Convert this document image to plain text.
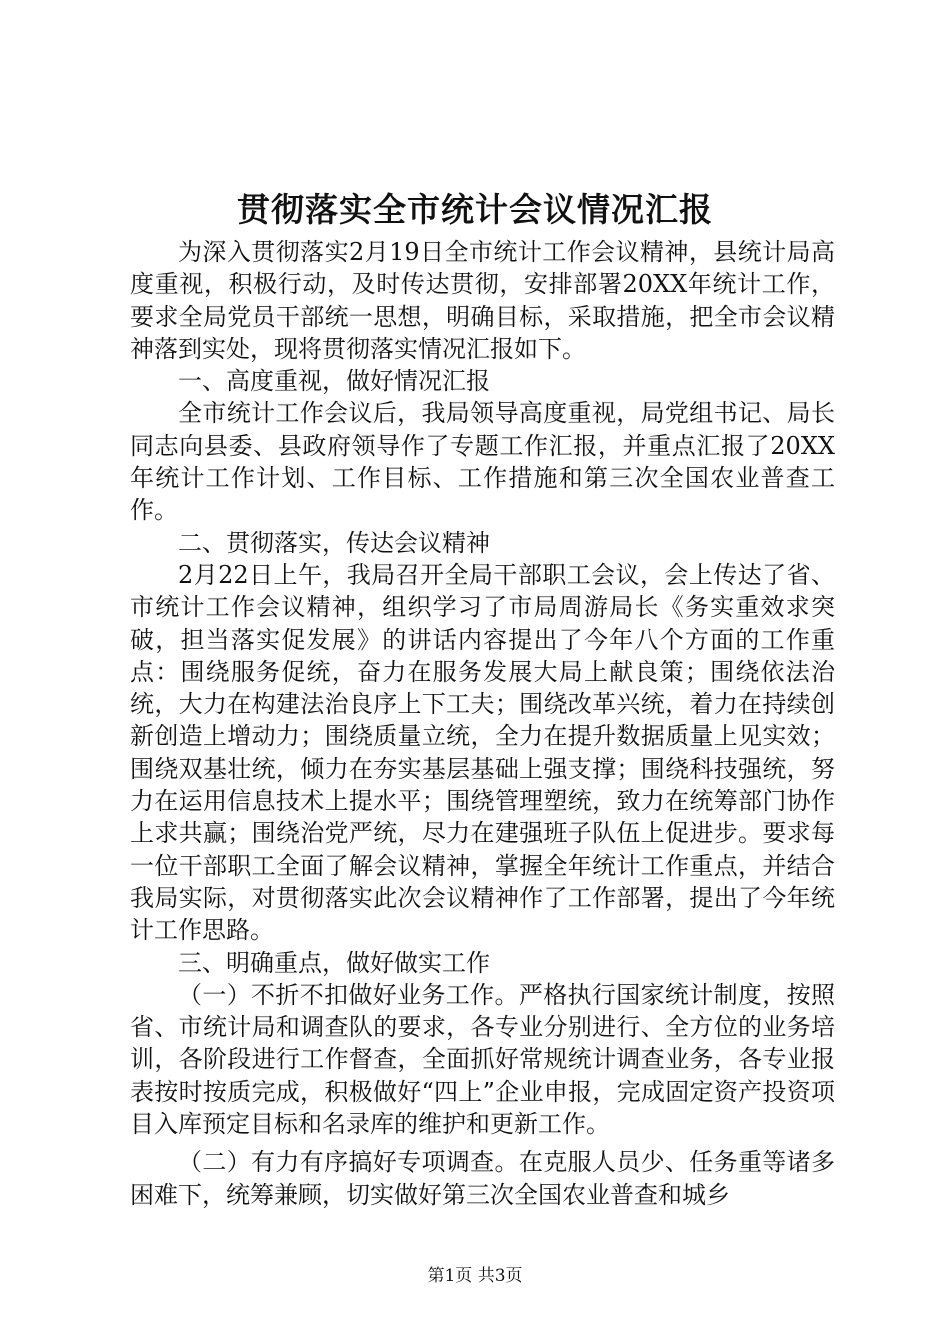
贯彻落实全市统计会议情况汇报

为深入贯彻落实2月19日全市统计工作会议精神，县统计局高度重视，积极行动，及时传达贯彻，安排部署20XX年统计工作，要求全局党员干部统一思想，明确目标，采取措施，把全市会议精神落到实处，现将贯彻落实情况汇报如下。

一、高度重视，做好情况汇报

全市统计工作会议后，我局领导高度重视，局党组书记、局长同志向县委、县政府领导作了专题工作汇报，并重点汇报了20XX年统计工作计划、工作目标、工作措施和第三次全国农业普查工作。

二、贯彻落实，传达会议精神

2月22日上午，我局召开全局干部职工会议，会上传达了省、市统计工作会议精神，组织学习了市局周游局长《务实重效求突破，担当落实促发展》的讲话内容提出了今年八个方面的工作重点：围绕服务促统，奋力在服务发展大局上献良策；围绕依法治统，大力在构建法治良序上下工夫；围绕改革兴统，着力在持续创新创造上增动力；围绕质量立统，全力在提升数据质量上见实效；围绕双基壮统，倾力在夯实基层基础上强支撑；围绕科技强统，努力在运用信息技术上提水平；围绕管理塑统，致力在统筹部门协作上求共赢；围绕治党严统，尽力在建强班子队伍上促进步。要求每一位干部职工全面了解会议精神，掌握全年统计工作重点，并结合我局实际，对贯彻落实此次会议精神作了工作部署，提出了今年统计工作思路。

三、明确重点，做好做实工作

（一）不折不扣做好业务工作。严格执行国家统计制度，按照省、市统计局和调查队的要求，各专业分别进行、全方位的业务培训，各阶段进行工作督查，全面抓好常规统计调查业务，各专业报表按时按质完成，积极做好“四上”企业申报，完成固定资产投资项目入库预定目标和名录库的维护和更新工作。

（二）有力有序搞好专项调查。在克服人员少、任务重等诸多困难下，统筹兼顾，切实做好第三次全国农业普查和城乡

第1页 共3页
